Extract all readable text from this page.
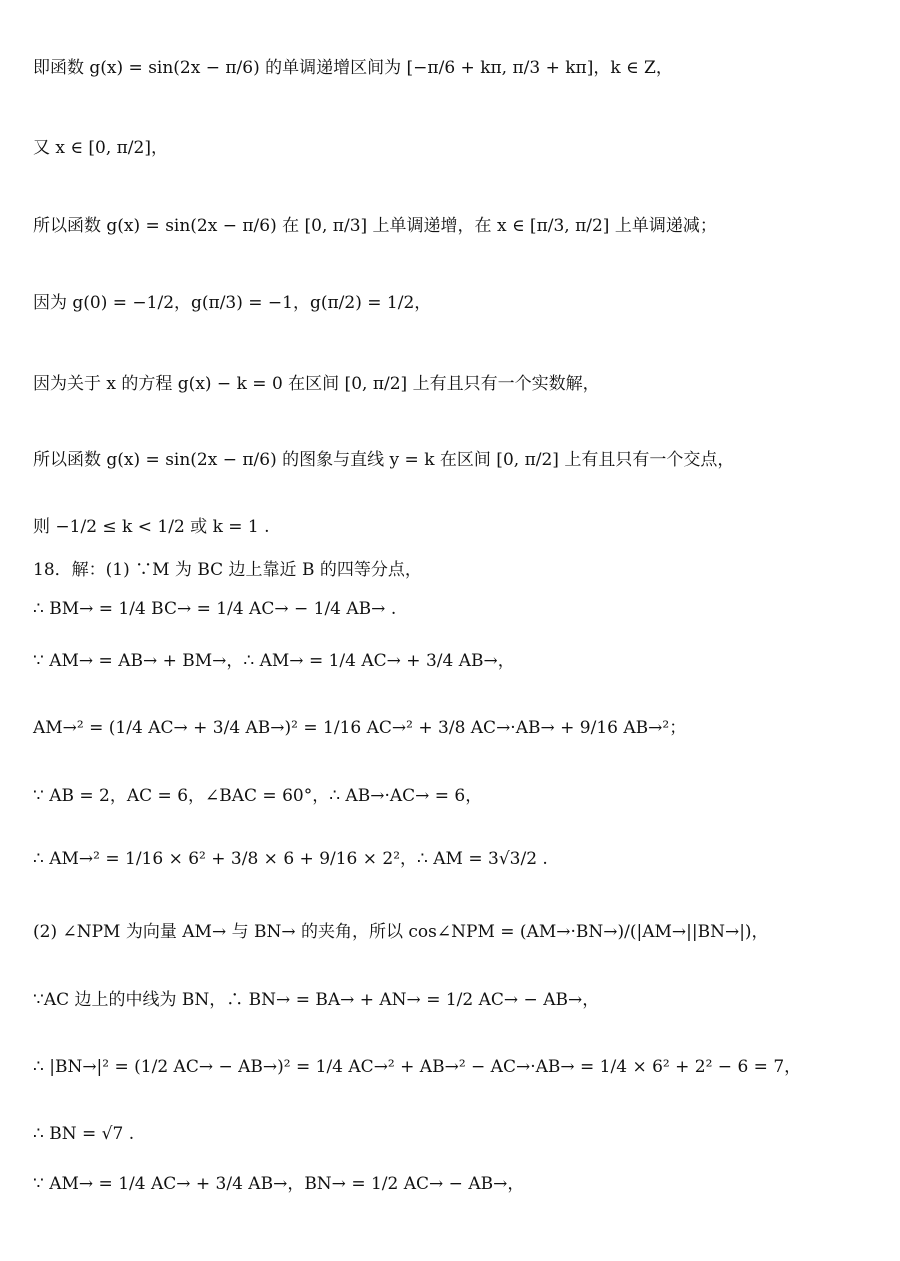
即函数 g(x) = sin(2x − π/6) 的单调递增区间为 [−π/6 + kπ, π/3 + kπ]，k ∈ Z，
又 x ∈ [0, π/2]，
所以函数 g(x) = sin(2x − π/6) 在 [0, π/3] 上单调递增，在 x ∈ [π/3, π/2] 上单调递减；
因为 g(0) = −1/2，g(π/3) = −1，g(π/2) = 1/2，
因为关于 x 的方程 g(x) − k = 0 在区间 [0, π/2] 上有且只有一个实数解，
所以函数 g(x) = sin(2x − π/6) 的图象与直线 y = k 在区间 [0, π/2] 上有且只有一个交点，
则 −1/2 ≤ k < 1/2 或 k = 1 .
18．解：(1) ∵M 为 BC 边上靠近 B 的四等分点，
∴ BM→ = 1/4 BC→ = 1/4 AC→ − 1/4 AB→ .
∵ AM→ = AB→ + BM→，∴ AM→ = 1/4 AC→ + 3/4 AB→，
AM→² = (1/4 AC→ + 3/4 AB→)² = 1/16 AC→² + 3/8 AC→·AB→ + 9/16 AB→²；
∵ AB = 2，AC = 6，∠BAC = 60°，∴ AB→·AC→ = 6，
∴ AM→² = 1/16 × 6² + 3/8 × 6 + 9/16 × 2²，∴ AM = 3√3/2 .
(2) ∠NPM 为向量 AM→ 与 BN→ 的夹角，所以 cos∠NPM = (AM→·BN→)/(|AM→||BN→|)，
∵AC 边上的中线为 BN，∴ BN→ = BA→ + AN→ = 1/2 AC→ − AB→，
∴ |BN→|² = (1/2 AC→ − AB→)² = 1/4 AC→² + AB→² − AC→·AB→ = 1/4 × 6² + 2² − 6 = 7，
∴ BN = √7 .
∵ AM→ = 1/4 AC→ + 3/4 AB→，BN→ = 1/2 AC→ − AB→，
